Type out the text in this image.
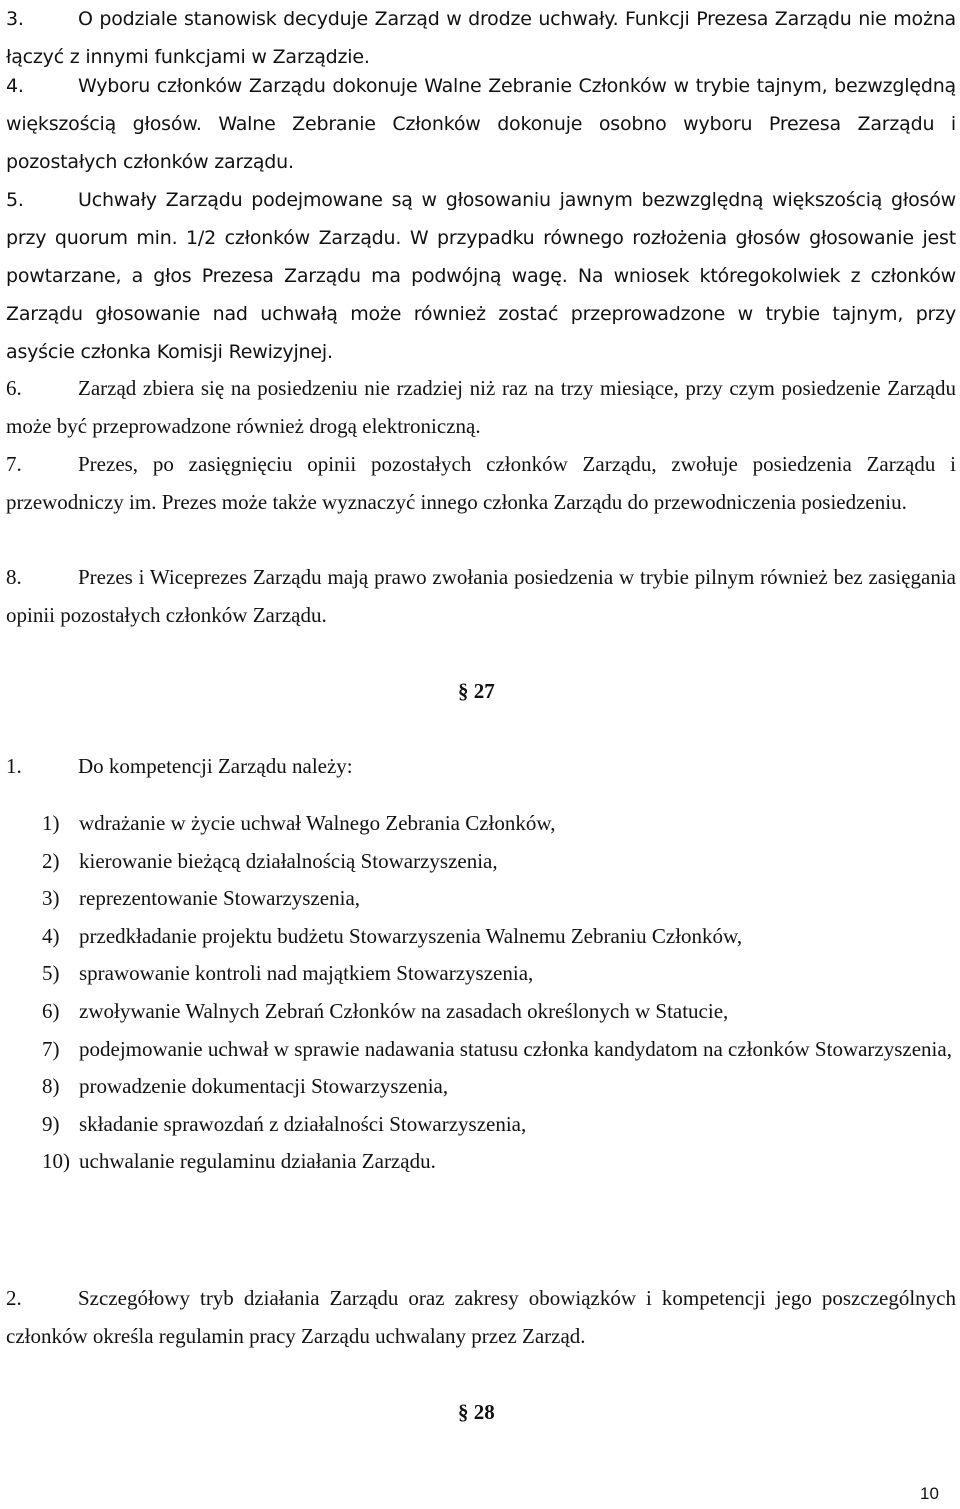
3.	O podziale stanowisk decyduje Zarząd w drodze uchwały. Funkcji Prezesa Zarządu nie można łączyć z innymi funkcjami w Zarządzie.

4.	Wyboru członków Zarządu dokonuje Walne Zebranie Członków w trybie tajnym, bezwzględną większością głosów. Walne Zebranie Członków dokonuje osobno wyboru Prezesa Zarządu i pozostałych członków zarządu.

5.	Uchwały Zarządu podejmowane są w głosowaniu jawnym bezwzględną większością głosów przy quorum min. 1/2 członków Zarządu. W przypadku równego rozłożenia głosów głosowanie jest powtarzane, a głos Prezesa Zarządu ma podwójną wagę. Na wniosek któregokolwiek z członków Zarządu głosowanie nad uchwałą może również zostać przeprowadzone w trybie tajnym, przy asyście członka Komisji Rewizyjnej.

6.	Zarząd zbiera się na posiedzeniu nie rzadziej niż raz na trzy miesiące, przy czym posiedzenie Zarządu może być przeprowadzone również drogą elektroniczną.

7.	Prezes, po zasięgnięciu opinii pozostałych członków Zarządu, zwołuje posiedzenia Zarządu i przewodniczy im. Prezes może także wyznaczyć innego członka Zarządu do przewodniczenia posiedzeniu.

8.	Prezes i Wiceprezes Zarządu mają prawo zwołania posiedzenia w trybie pilnym również bez zasięgania opinii pozostałych członków Zarządu.

§ 27

1.	Do kompetencji Zarządu należy:

1) wdrażanie w życie uchwał Walnego Zebrania Członków,
2) kierowanie bieżącą działalnością Stowarzyszenia,
3) reprezentowanie Stowarzyszenia,
4) przedkładanie projektu budżetu Stowarzyszenia Walnemu Zebraniu Członków,
5) sprawowanie kontroli nad majątkiem Stowarzyszenia,
6) zwoływanie Walnych Zebrań Członków na zasadach określonych w Statucie,
7) podejmowanie uchwał w sprawie nadawania statusu członka kandydatom na członków Stowarzyszenia,
8) prowadzenie dokumentacji Stowarzyszenia,
9) składanie sprawozdań z działalności Stowarzyszenia,
10) uchwalanie regulaminu działania Zarządu.

2.	Szczegółowy tryb działania Zarządu oraz zakresy obowiązków i kompetencji jego poszczególnych członków określa regulamin pracy Zarządu uchwalany przez Zarząd.

§ 28
10
